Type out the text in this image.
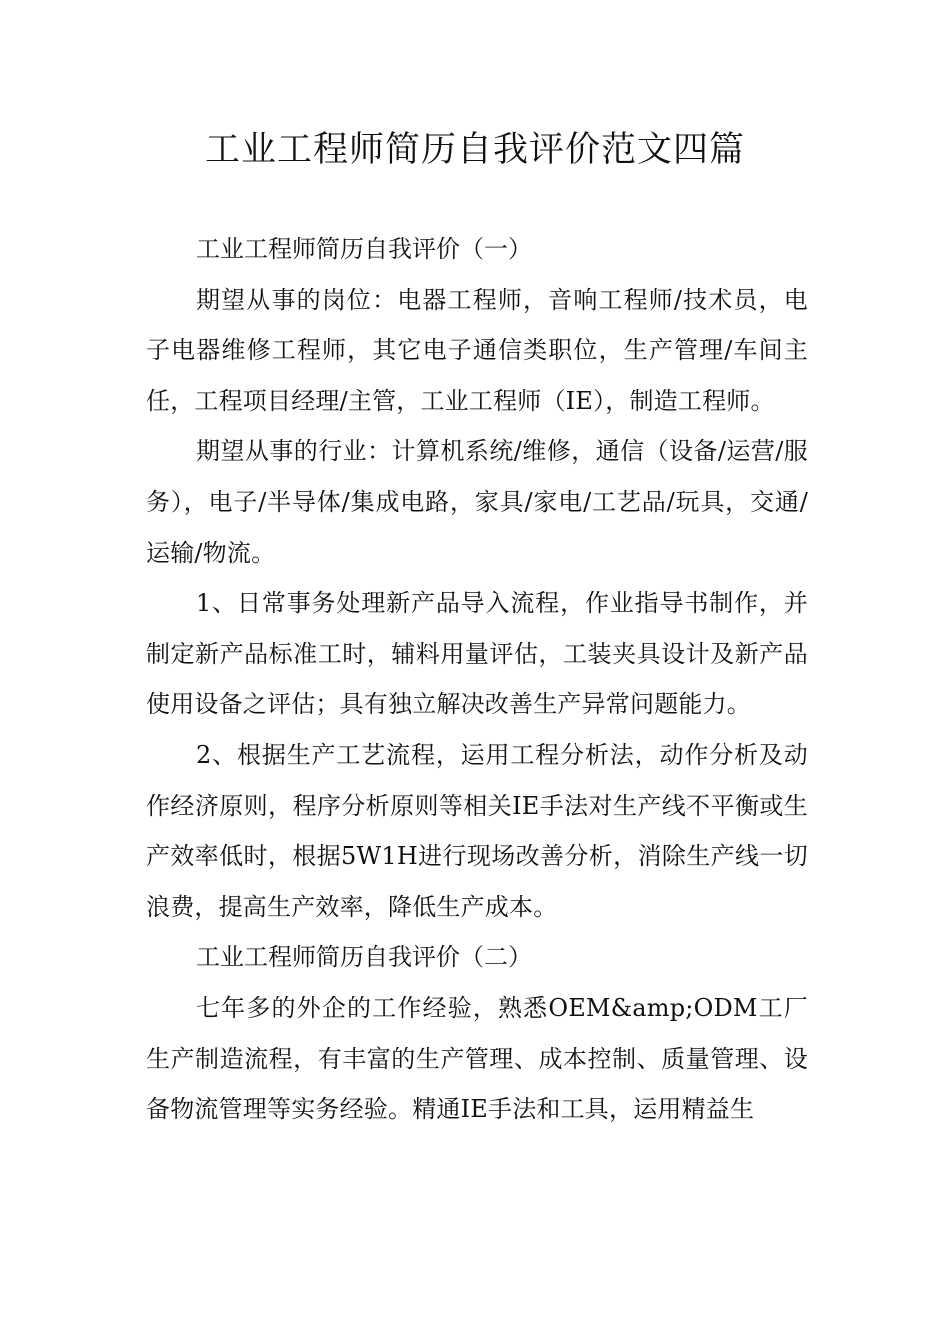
工业工程师简历自我评价范文四篇

工业工程师简历自我评价（一）

期望从事的岗位：电器工程师，音响工程师/技术员，电子电器维修工程师，其它电子通信类职位，生产管理/车间主任，工程项目经理/主管，工业工程师（IE），制造工程师。

期望从事的行业：计算机系统/维修，通信（设备/运营/服务），电子/半导体/集成电路，家具/家电/工艺品/玩具，交通/运输/物流。

1、日常事务处理新产品导入流程，作业指导书制作，并制定新产品标准工时，辅料用量评估，工装夹具设计及新产品使用设备之评估；具有独立解决改善生产异常问题能力。

2、根据生产工艺流程，运用工程分析法，动作分析及动作经济原则，程序分析原则等相关IE手法对生产线不平衡或生产效率低时，根据5W1H进行现场改善分析，消除生产线一切浪费，提高生产效率，降低生产成本。

工业工程师简历自我评价（二）

七年多的外企的工作经验，熟悉OEM&amp;ODM工厂生产制造流程，有丰富的生产管理、成本控制、质量管理、设备物流管理等实务经验。精通IE手法和工具，运用精益生
